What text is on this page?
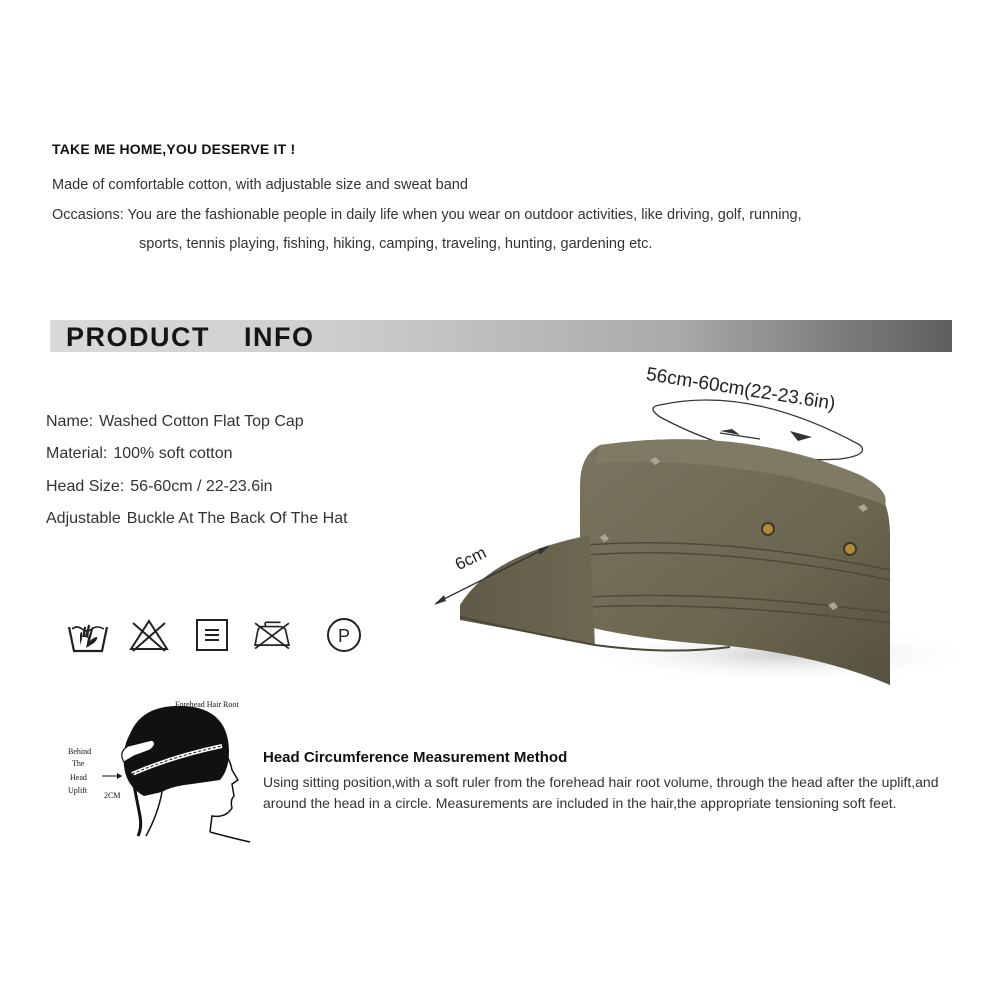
TAKE ME HOME,YOU DESERVE IT !
Made of comfortable cotton, with adjustable size and sweat band
Occasions: You are the fashionable people in daily life when you wear on outdoor activities, like driving, golf, running,
sports, tennis playing, fishing, hiking, camping, traveling, hunting, gardening etc.
PRODUCT  INFO
Name: Washed Cotton Flat Top Cap
Material: 100% soft cotton
Head Size: 56-60cm / 22-23.6in
Adjustable Buckle At The Back Of The Hat
P
56cm-60cm(22-23.6in)
6cm
Forehead Hair Root
Behind
The
Head
Uplift
2CM
Head Circumference Measurement Method
Using sitting position,with a soft ruler from the forehead hair root volume, through the head after the uplift,and around the head in a circle. Measurements are included in the hair,the appropriate tensioning soft feet.
